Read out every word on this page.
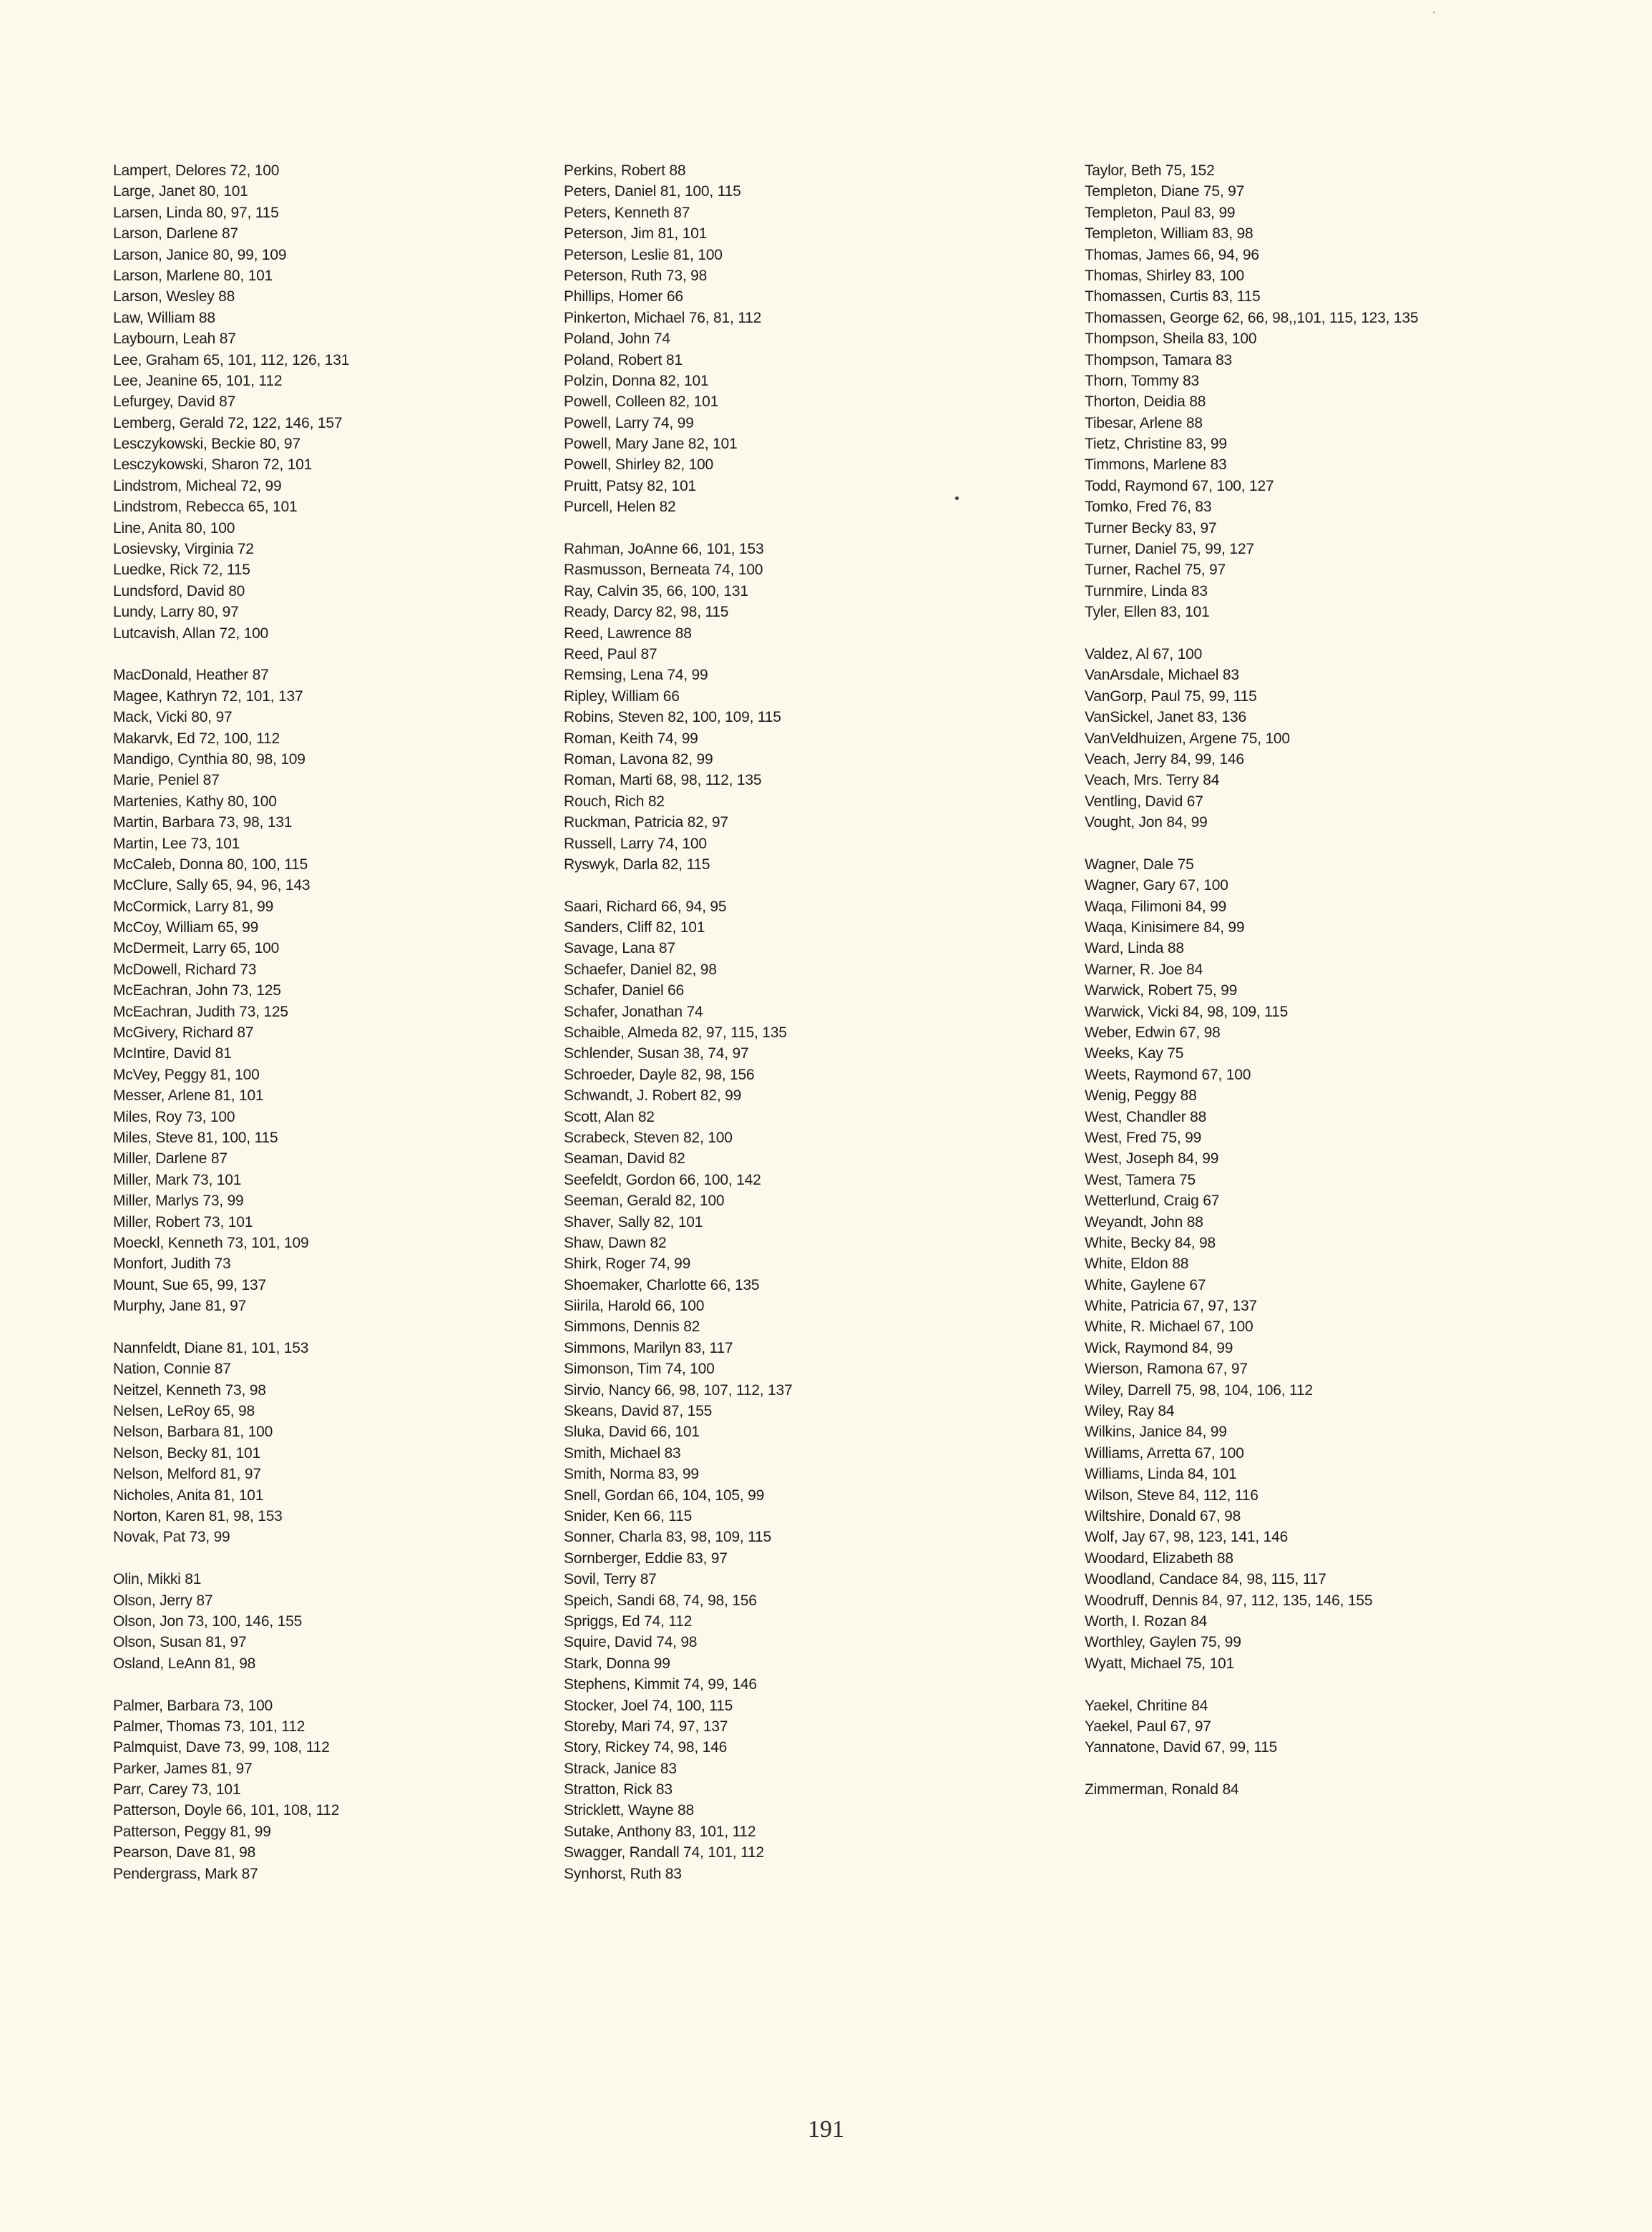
Lampert, Delores 72, 100
Large, Janet 80, 101
Larsen, Linda 80, 97, 115
Larson, Darlene 87
Larson, Janice 80, 99, 109
Larson, Marlene 80, 101
Larson, Wesley 88
Law, William 88
Laybourn, Leah 87
Lee, Graham 65, 101, 112, 126, 131
Lee, Jeanine 65, 101, 112
Lefurgey, David 87
Lemberg, Gerald 72, 122, 146, 157
Lesczykowski, Beckie 80, 97
Lesczykowski, Sharon 72, 101
Lindstrom, Micheal 72, 99
Lindstrom, Rebecca 65, 101
Line, Anita 80, 100
Losievsky, Virginia 72
Luedke, Rick 72, 115
Lundsford, David 80
Lundy, Larry 80, 97
Lutcavish, Allan 72, 100
MacDonald, Heather 87
Magee, Kathryn 72, 101, 137
Mack, Vicki 80, 97
Makarvk, Ed 72, 100, 112
Mandigo, Cynthia 80, 98, 109
Marie, Peniel 87
Martenies, Kathy 80, 100
Martin, Barbara 73, 98, 131
Martin, Lee 73, 101
McCaleb, Donna 80, 100, 115
McClure, Sally 65, 94, 96, 143
McCormick, Larry 81, 99
McCoy, William 65, 99
McDermeit, Larry 65, 100
McDowell, Richard 73
McEachran, John 73, 125
McEachran, Judith 73, 125
McGivery, Richard 87
McIntire, David 81
McVey, Peggy 81, 100
Messer, Arlene 81, 101
Miles, Roy 73, 100
Miles, Steve 81, 100, 115
Miller, Darlene 87
Miller, Mark 73, 101
Miller, Marlys 73, 99
Miller, Robert 73, 101
Moeckl, Kenneth 73, 101, 109
Monfort, Judith 73
Mount, Sue 65, 99, 137
Murphy, Jane 81, 97
Nannfeldt, Diane 81, 101, 153
Nation, Connie 87
Neitzel, Kenneth 73, 98
Nelsen, LeRoy 65, 98
Nelson, Barbara 81, 100
Nelson, Becky 81, 101
Nelson, Melford 81, 97
Nicholes, Anita 81, 101
Norton, Karen 81, 98, 153
Novak, Pat 73, 99
Olin, Mikki 81
Olson, Jerry 87
Olson, Jon 73, 100, 146, 155
Olson, Susan 81, 97
Osland, LeAnn 81, 98
Palmer, Barbara 73, 100
Palmer, Thomas 73, 101, 112
Palmquist, Dave 73, 99, 108, 112
Parker, James 81, 97
Parr, Carey 73, 101
Patterson, Doyle 66, 101, 108, 112
Patterson, Peggy 81, 99
Pearson, Dave 81, 98
Pendergrass, Mark 87
Perkins, Robert 88
Peters, Daniel 81, 100, 115
Peters, Kenneth 87
Peterson, Jim 81, 101
Peterson, Leslie 81, 100
Peterson, Ruth 73, 98
Phillips, Homer 66
Pinkerton, Michael 76, 81, 112
Poland, John 74
Poland, Robert 81
Polzin, Donna 82, 101
Powell, Colleen 82, 101
Powell, Larry 74, 99
Powell, Mary Jane 82, 101
Powell, Shirley 82, 100
Pruitt, Patsy 82, 101
Purcell, Helen 82
Rahman, JoAnne 66, 101, 153
Rasmusson, Berneata 74, 100
Ray, Calvin 35, 66, 100, 131
Ready, Darcy 82, 98, 115
Reed, Lawrence 88
Reed, Paul 87
Remsing, Lena 74, 99
Ripley, William 66
Robins, Steven 82, 100, 109, 115
Roman, Keith 74, 99
Roman, Lavona 82, 99
Roman, Marti 68, 98, 112, 135
Rouch, Rich 82
Ruckman, Patricia 82, 97
Russell, Larry 74, 100
Ryswyk, Darla 82, 115
Saari, Richard 66, 94, 95
Sanders, Cliff 82, 101
Savage, Lana 87
Schaefer, Daniel 82, 98
Schafer, Daniel 66
Schafer, Jonathan 74
Schaible, Almeda 82, 97, 115, 135
Schlender, Susan 38, 74, 97
Schroeder, Dayle 82, 98, 156
Schwandt, J. Robert 82, 99
Scott, Alan 82
Scrabeck, Steven 82, 100
Seaman, David 82
Seefeldt, Gordon 66, 100, 142
Seeman, Gerald 82, 100
Shaver, Sally 82, 101
Shaw, Dawn 82
Shirk, Roger 74, 99
Shoemaker, Charlotte 66, 135
Siirila, Harold 66, 100
Simmons, Dennis 82
Simmons, Marilyn 83, 117
Simonson, Tim 74, 100
Sirvio, Nancy 66, 98, 107, 112, 137
Skeans, David 87, 155
Sluka, David 66, 101
Smith, Michael 83
Smith, Norma 83, 99
Snell, Gordan 66, 104, 105, 99
Snider, Ken 66, 115
Sonner, Charla 83, 98, 109, 115
Sornberger, Eddie 83, 97
Sovil, Terry 87
Speich, Sandi 68, 74, 98, 156
Spriggs, Ed 74, 112
Squire, David 74, 98
Stark, Donna 99
Stephens, Kimmit 74, 99, 146
Stocker, Joel 74, 100, 115
Storeby, Mari 74, 97, 137
Story, Rickey 74, 98, 146
Strack, Janice 83
Stratton, Rick 83
Stricklett, Wayne 88
Sutake, Anthony 83, 101, 112
Swagger, Randall 74, 101, 112
Synhorst, Ruth 83
Taylor, Beth 75, 152
Templeton, Diane 75, 97
Templeton, Paul 83, 99
Templeton, William 83, 98
Thomas, James 66, 94, 96
Thomas, Shirley 83, 100
Thomassen, Curtis 83, 115
Thomassen, George 62, 66, 98,,101, 115, 123, 135
Thompson, Sheila 83, 100
Thompson, Tamara 83
Thorn, Tommy 83
Thorton, Deidia 88
Tibesar, Arlene 88
Tietz, Christine 83, 99
Timmons, Marlene 83
Todd, Raymond 67, 100, 127
Tomko, Fred 76, 83
Turner Becky 83, 97
Turner, Daniel 75, 99, 127
Turner, Rachel 75, 97
Turnmire, Linda 83
Tyler, Ellen 83, 101
Valdez, Al 67, 100
VanArsdale, Michael 83
VanGorp, Paul 75, 99, 115
VanSickel, Janet 83, 136
VanVeldhuizen, Argene 75, 100
Veach, Jerry 84, 99, 146
Veach, Mrs. Terry 84
Ventling, David 67
Vought, Jon 84, 99
Wagner, Dale 75
Wagner, Gary 67, 100
Waqa, Filimoni 84, 99
Waqa, Kinisimere 84, 99
Ward, Linda 88
Warner, R. Joe 84
Warwick, Robert 75, 99
Warwick, Vicki 84, 98, 109, 115
Weber, Edwin 67, 98
Weeks, Kay 75
Weets, Raymond 67, 100
Wenig, Peggy 88
West, Chandler 88
West, Fred 75, 99
West, Joseph 84, 99
West, Tamera 75
Wetterlund, Craig 67
Weyandt, John 88
White, Becky 84, 98
White, Eldon 88
White, Gaylene 67
White, Patricia 67, 97, 137
White, R. Michael 67, 100
Wick, Raymond 84, 99
Wierson, Ramona 67, 97
Wiley, Darrell 75, 98, 104, 106, 112
Wiley, Ray 84
Wilkins, Janice 84, 99
Williams, Arretta 67, 100
Williams, Linda 84, 101
Wilson, Steve 84, 112, 116
Wiltshire, Donald 67, 98
Wolf, Jay 67, 98, 123, 141, 146
Woodard, Elizabeth 88
Woodland, Candace 84, 98, 115, 117
Woodruff, Dennis 84, 97, 112, 135, 146, 155
Worth, I. Rozan 84
Worthley, Gaylen 75, 99
Wyatt, Michael 75, 101
Yaekel, Chritine 84
Yaekel, Paul 67, 97
Yannatone, David 67, 99, 115
Zimmerman, Ronald 84
191
